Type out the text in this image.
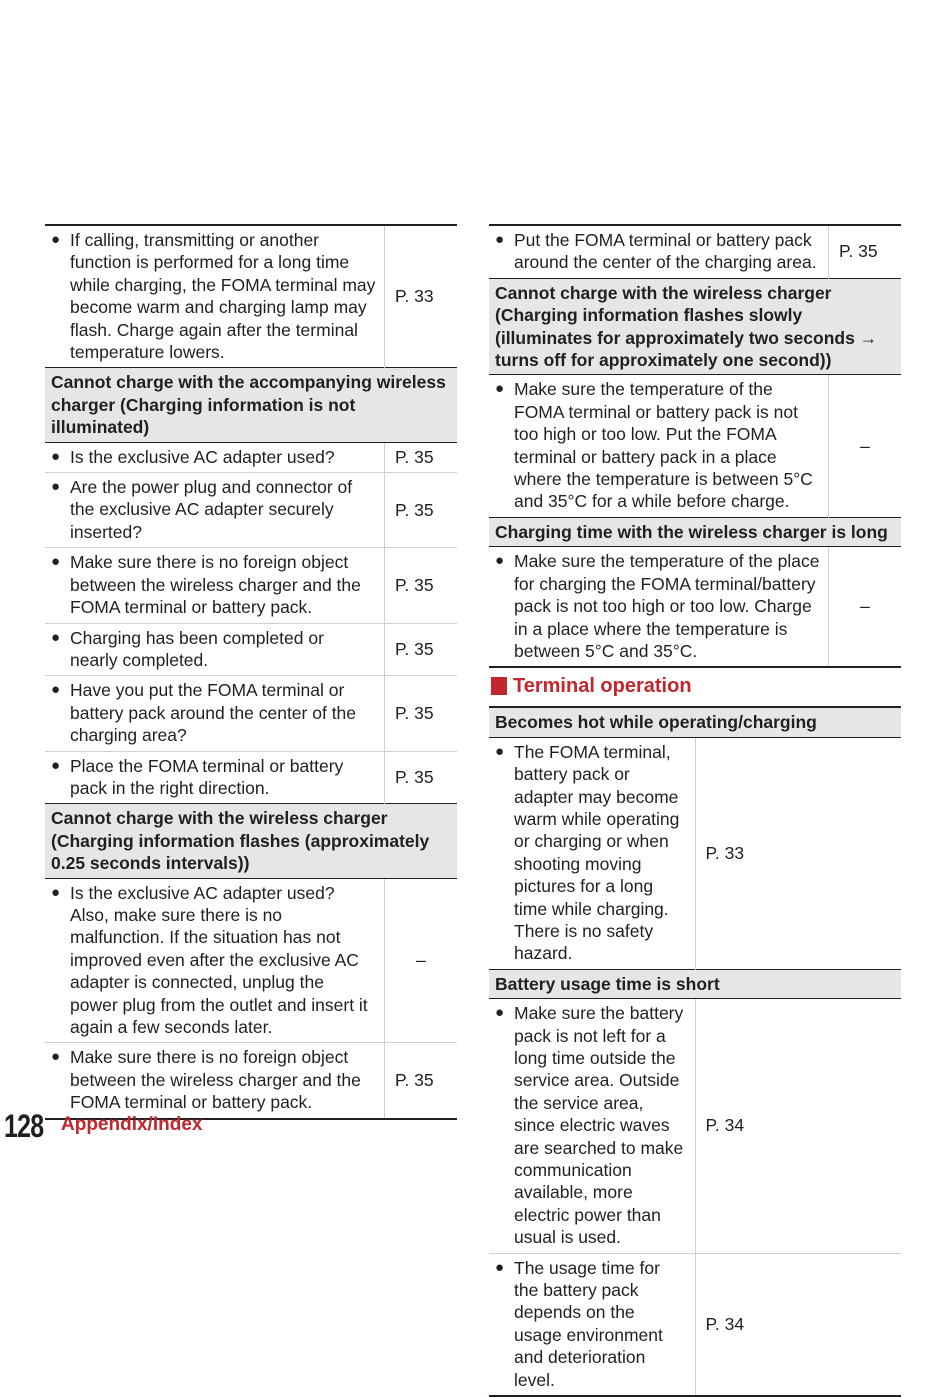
● If calling, transmitting or another function is performed for a long time while charging, the FOMA terminal may become warm and charging lamp may flash. Charge again after the terminal temperature lowers.	P. 33
Cannot charge with the accompanying wireless charger (Charging information is not illuminated)	

● Is the exclusive AC adapter used?	P. 35

● Are the power plug and connector of the exclusive AC adapter securely inserted?	P. 35

● Make sure there is no foreign object between the wireless charger and the FOMA terminal or battery pack.	P. 35

● Charging has been completed or nearly completed.	P. 35

● Have you put the FOMA terminal or battery pack around the center of the charging area?	P. 35

● Place the FOMA terminal or battery pack in the right direction.	P. 35
Cannot charge with the wireless charger (Charging information flashes (approximately 0.25 seconds intervals))	

● Is the exclusive AC adapter used? Also, make sure there is no malfunction. If the situation has not improved even after the exclusive AC adapter is connected, unplug the power plug from the outlet and insert it again a few seconds later.	–

● Make sure there is no foreign object between the wireless charger and the FOMA terminal or battery pack.	P. 35
● Put the FOMA terminal or battery pack around the center of the charging area.	P. 35
Cannot charge with the wireless charger (Charging information flashes slowly (illuminates for approximately two seconds → turns off for approximately one second))	

● Make sure the temperature of the FOMA terminal or battery pack is not too high or too low. Put the FOMA terminal or battery pack in a place where the temperature is between 5°C and 35°C for a while before charge.	–
Charging time with the wireless charger is long	

● Make sure the temperature of the place for charging the FOMA terminal/battery pack is not too high or too low. Charge in a place where the temperature is between 5°C and 35°C.	–
Terminal operation
Becomes hot while operating/charging	

● The FOMA terminal, battery pack or adapter may become warm while operating or charging or when shooting moving pictures for a long time while charging. There is no safety hazard.	P. 33
Battery usage time is short	

● Make sure the battery pack is not left for a long time outside the service area. Outside the service area, since electric waves are searched to make communication available, more electric power than usual is used.	P. 34

● The usage time for the battery pack depends on the usage environment and deterioration level.	P. 34
128 Appendix/Index
